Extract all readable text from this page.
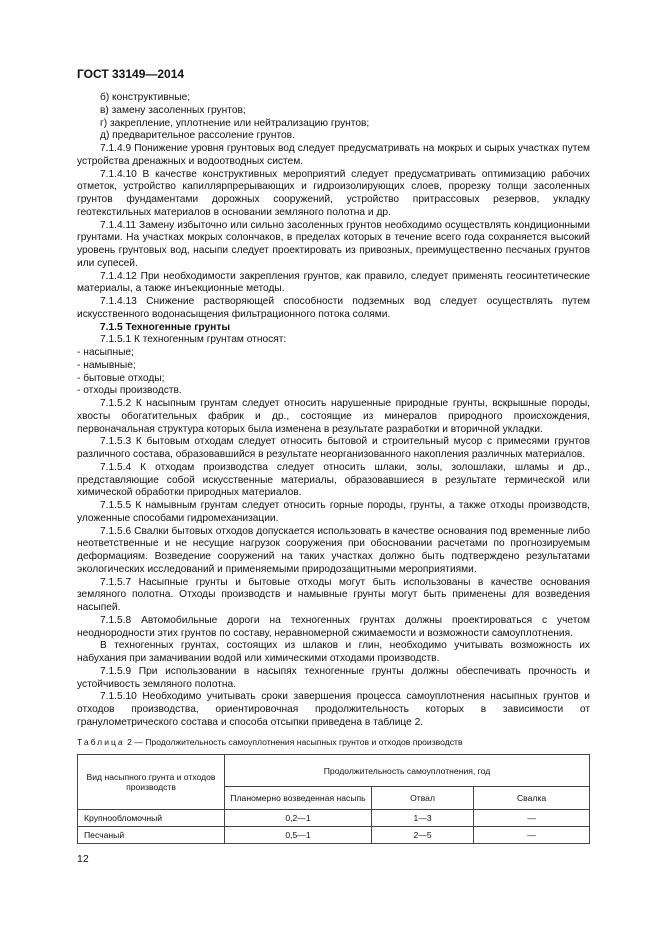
ГОСТ 33149—2014
б) конструктивные;
в) замену засоленных грунтов;
г) закрепление, уплотнение или нейтрализацию грунтов;
д) предварительное рассоление грунтов.

7.1.4.9 Понижение уровня грунтовых вод следует предусматривать на мокрых и сырых участках путем устройства дренажных и водоотводных систем.

7.1.4.10 В качестве конструктивных мероприятий следует предусматривать оптимизацию рабочих отметок, устройство капиллярпрерывающих и гидроизолирующих слоев, прорезку толщи засоленных грунтов фундаментами дорожных сооружений, устройство притрассовых резервов, укладку геотекстильных материалов в основании земляного полотна и др.

7.1.4.11 Замену избыточно или сильно засоленных грунтов необходимо осуществлять кондиционными грунтами. На участках мокрых солончаков, в пределах которых в течение всего года сохраняется высокий уровень грунтовых вод, насыпи следует проектировать из привозных, преимущественно песчаных грунтов или супесей.

7.1.4.12 При необходимости закрепления грунтов, как правило, следует применять геосинтетические материалы, а также инъекционные методы.

7.1.4.13 Снижение растворяющей способности подземных вод следует осуществлять путем искусственного водонасыщения фильтрационного потока солями.

7.1.5 Техногенные грунты

7.1.5.1 К техногенным грунтам относят:

- насыпные;
- намывные;
- бытовые отходы;
- отходы производств.

7.1.5.2 К насыпным грунтам следует относить нарушенные природные грунты, вскрышные породы, хвосты обогатительных фабрик и др., состоящие из минералов природного происхождения, первоначальная структура которых была изменена в результате разработки и вторичной укладки.

7.1.5.3 К бытовым отходам следует относить бытовой и строительный мусор с примесями грунтов различного состава, образовавшийся в результате неорганизованного накопления различных материалов.

7.1.5.4 К отходам производства следует относить шлаки, золы, золошлаки, шламы и др., представляющие собой искусственные материалы, образовавшиеся в результате термической или химической обработки природных материалов.

7.1.5.5 К намывным грунтам следует относить горные породы, грунты, а также отходы производств, уложенные способами гидромеханизации.

7.1.5.6 Свалки бытовых отходов допускается использовать в качестве основания под временные либо неответственные и не несущие нагрузок сооружения при обосновании расчетами по прогнозируемым деформациям. Возведение сооружений на таких участках должно быть подтверждено результатами экологических исследований и применяемыми природозащитными мероприятиями.

7.1.5.7 Насыпные грунты и бытовые отходы могут быть использованы в качестве основания земляного полотна. Отходы производств и намывные грунты могут быть применены для возведения насыпей.

7.1.5.8 Автомобильные дороги на техногенных грунтах должны проектироваться с учетом неоднородности этих грунтов по составу, неравномерной сжимаемости и возможности самоуплотнения.

В техногенных грунтах, состоящих из шлаков и глин, необходимо учитывать возможность их набухания при замачивании водой или химическими отходами производств.

7.1.5.9 При использовании в насыпях техногенные грунты должны обеспечивать прочность и устойчивость земляного полотна.

7.1.5.10 Необходимо учитывать сроки завершения процесса самоуплотнения насыпных грунтов и отходов производства, ориентировочная продолжительность которых в зависимости от гранулометрического состава и способа отсыпки приведена в таблице 2.

Таблица 2 — Продолжительность самоуплотнения насыпных грунтов и отходов производств
Вид насыпного грунта и отходов производств	Продолжительность самоуплотнения, год		
	Планомерно возведенная насыпь	Отвал	Свалка
Крупнообломочный	0,2—1	1—3	—
Песчаный	0,5—1	2—5	—
12
